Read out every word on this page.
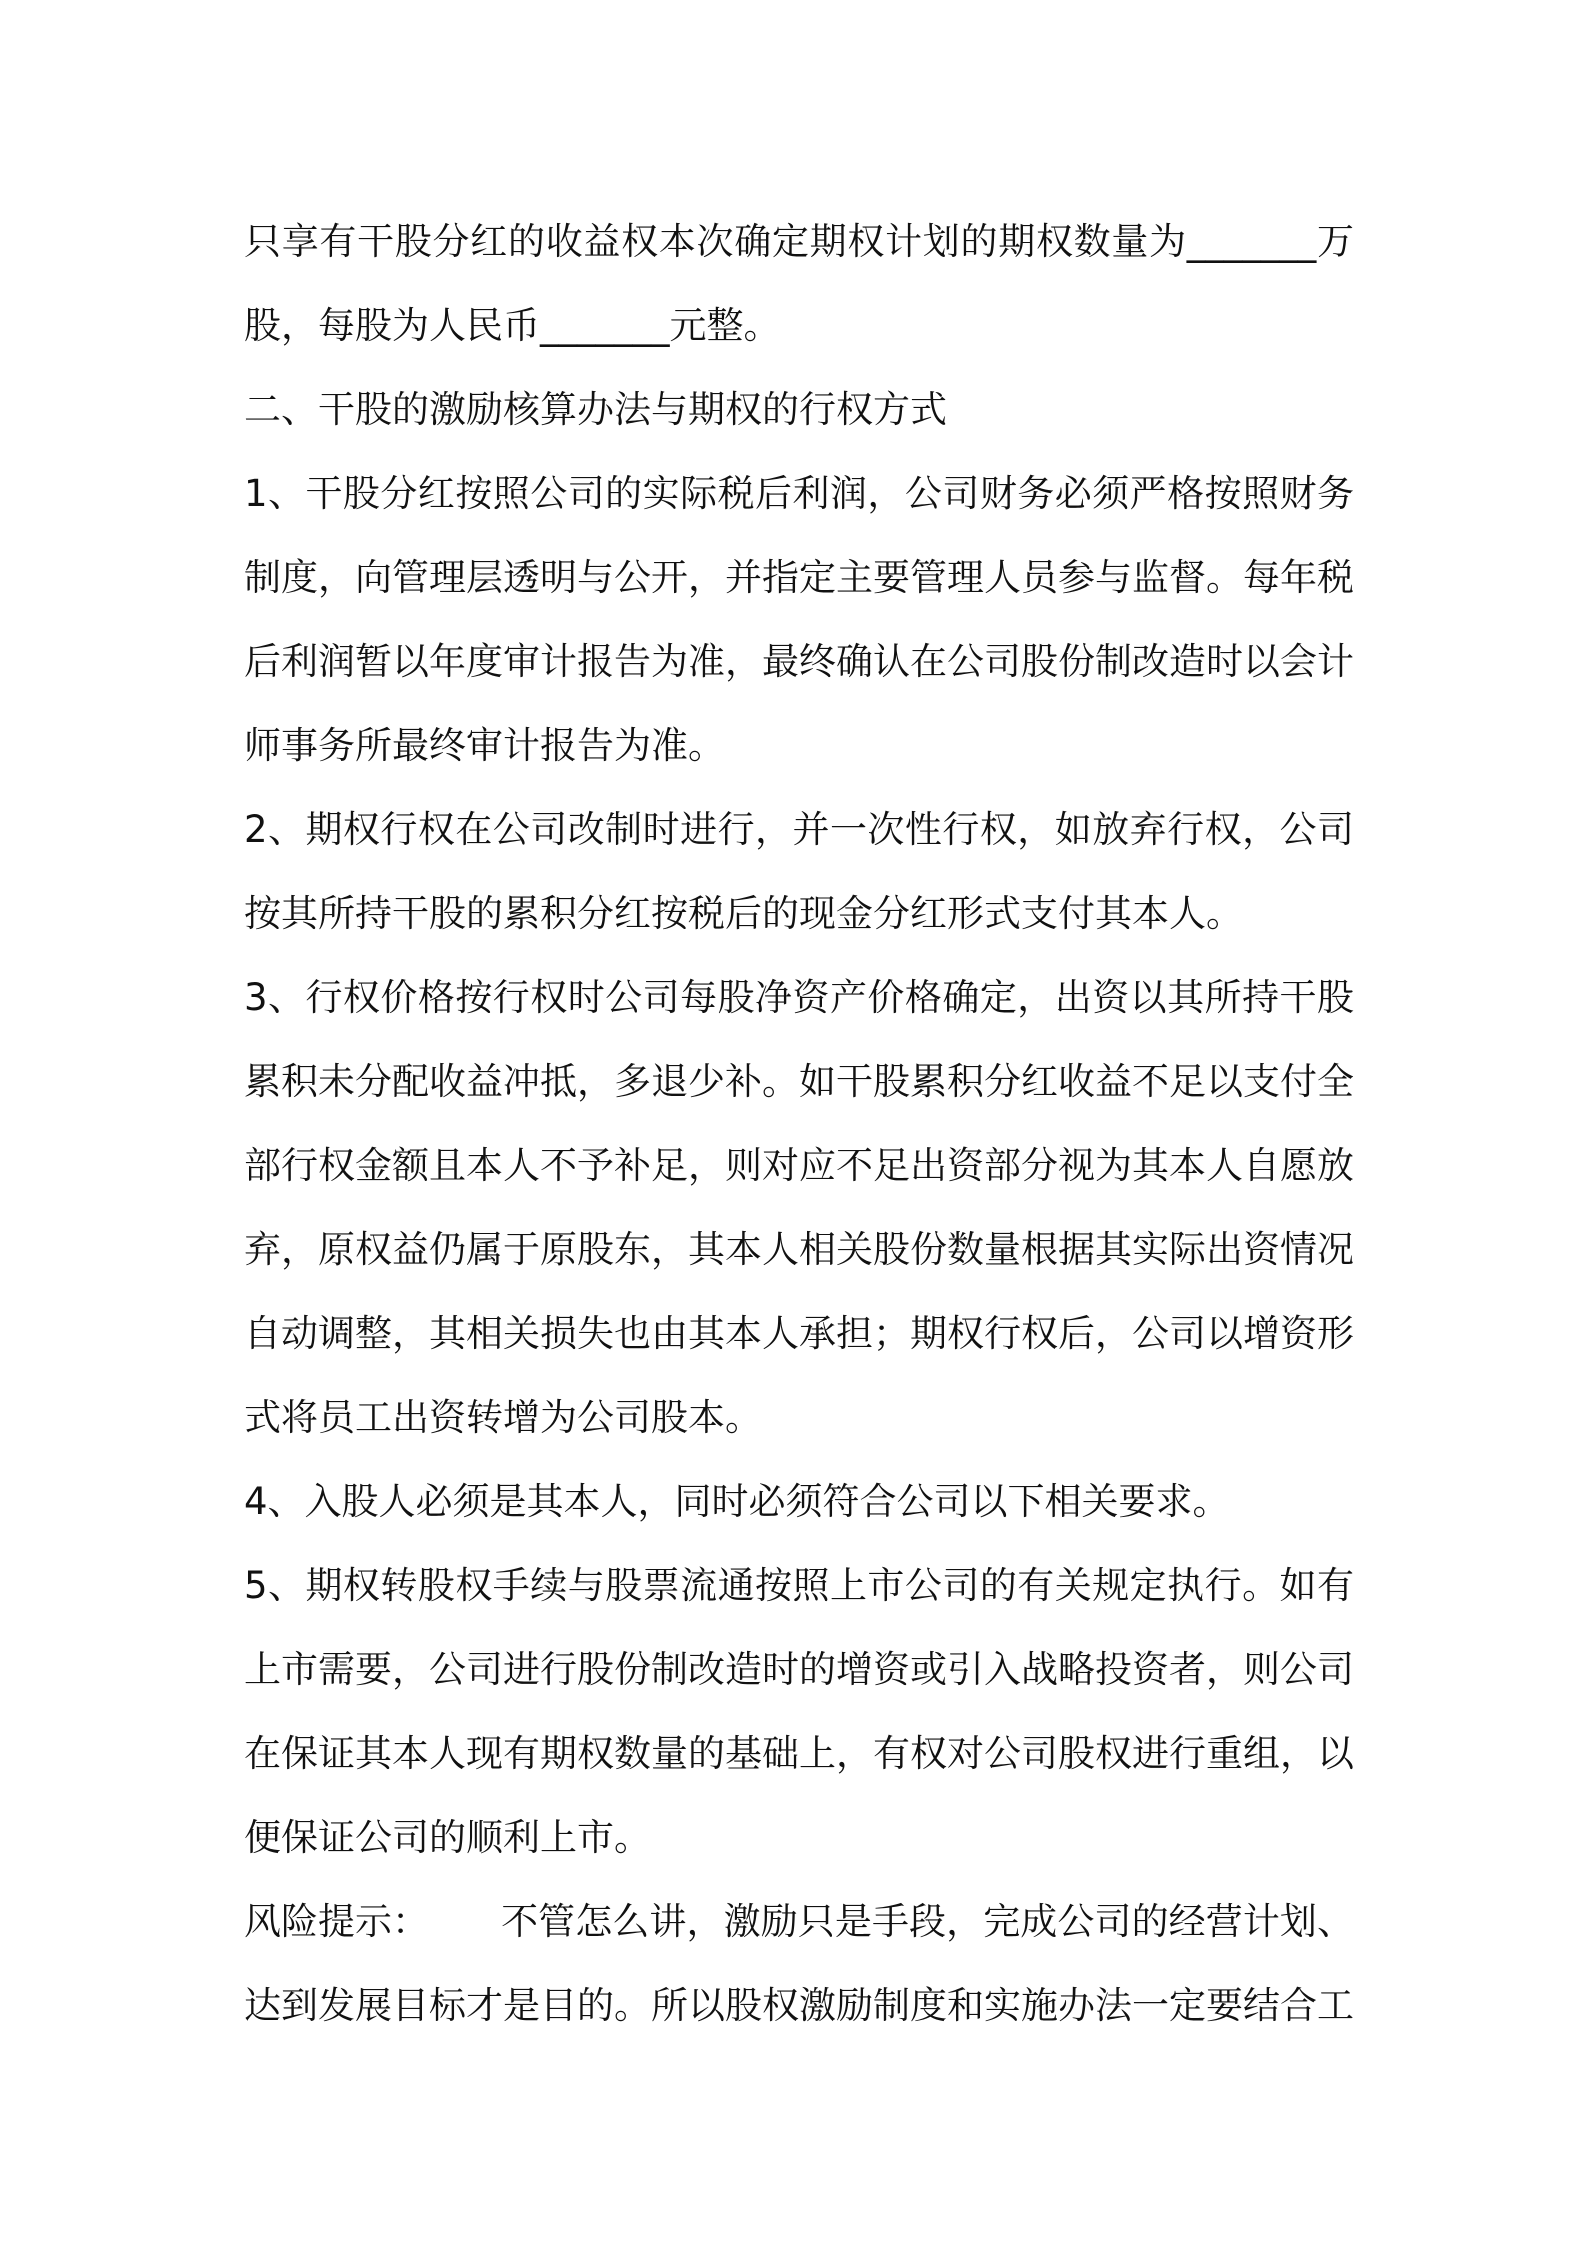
只享有干股分红的收益权本次确定期权计划的期权数量为_______万股，每股为人民币_______元整。

二、干股的激励核算办法与期权的行权方式

1、干股分红按照公司的实际税后利润，公司财务必须严格按照财务制度，向管理层透明与公开，并指定主要管理人员参与监督。每年税后利润暂以年度审计报告为准，最终确认在公司股份制改造时以会计师事务所最终审计报告为准。

2、期权行权在公司改制时进行，并一次性行权，如放弃行权，公司按其所持干股的累积分红按税后的现金分红形式支付其本人。

3、行权价格按行权时公司每股净资产价格确定，出资以其所持干股累积未分配收益冲抵，多退少补。如干股累积分红收益不足以支付全部行权金额且本人不予补足，则对应不足出资部分视为其本人自愿放弃，原权益仍属于原股东，其本人相关股份数量根据其实际出资情况自动调整，其相关损失也由其本人承担；期权行权后，公司以增资形式将员工出资转增为公司股本。

4、入股人必须是其本人，同时必须符合公司以下相关要求。

5、期权转股权手续与股票流通按照上市公司的有关规定执行。如有上市需要，公司进行股份制改造时的增资或引入战略投资者，则公司在保证其本人现有期权数量的基础上，有权对公司股权进行重组，以便保证公司的顺利上市。

风险提示： 不管怎么讲，激励只是手段，完成公司的经营计划、达到发展目标才是目的。所以股权激励制度和实施办法一定要结合工
